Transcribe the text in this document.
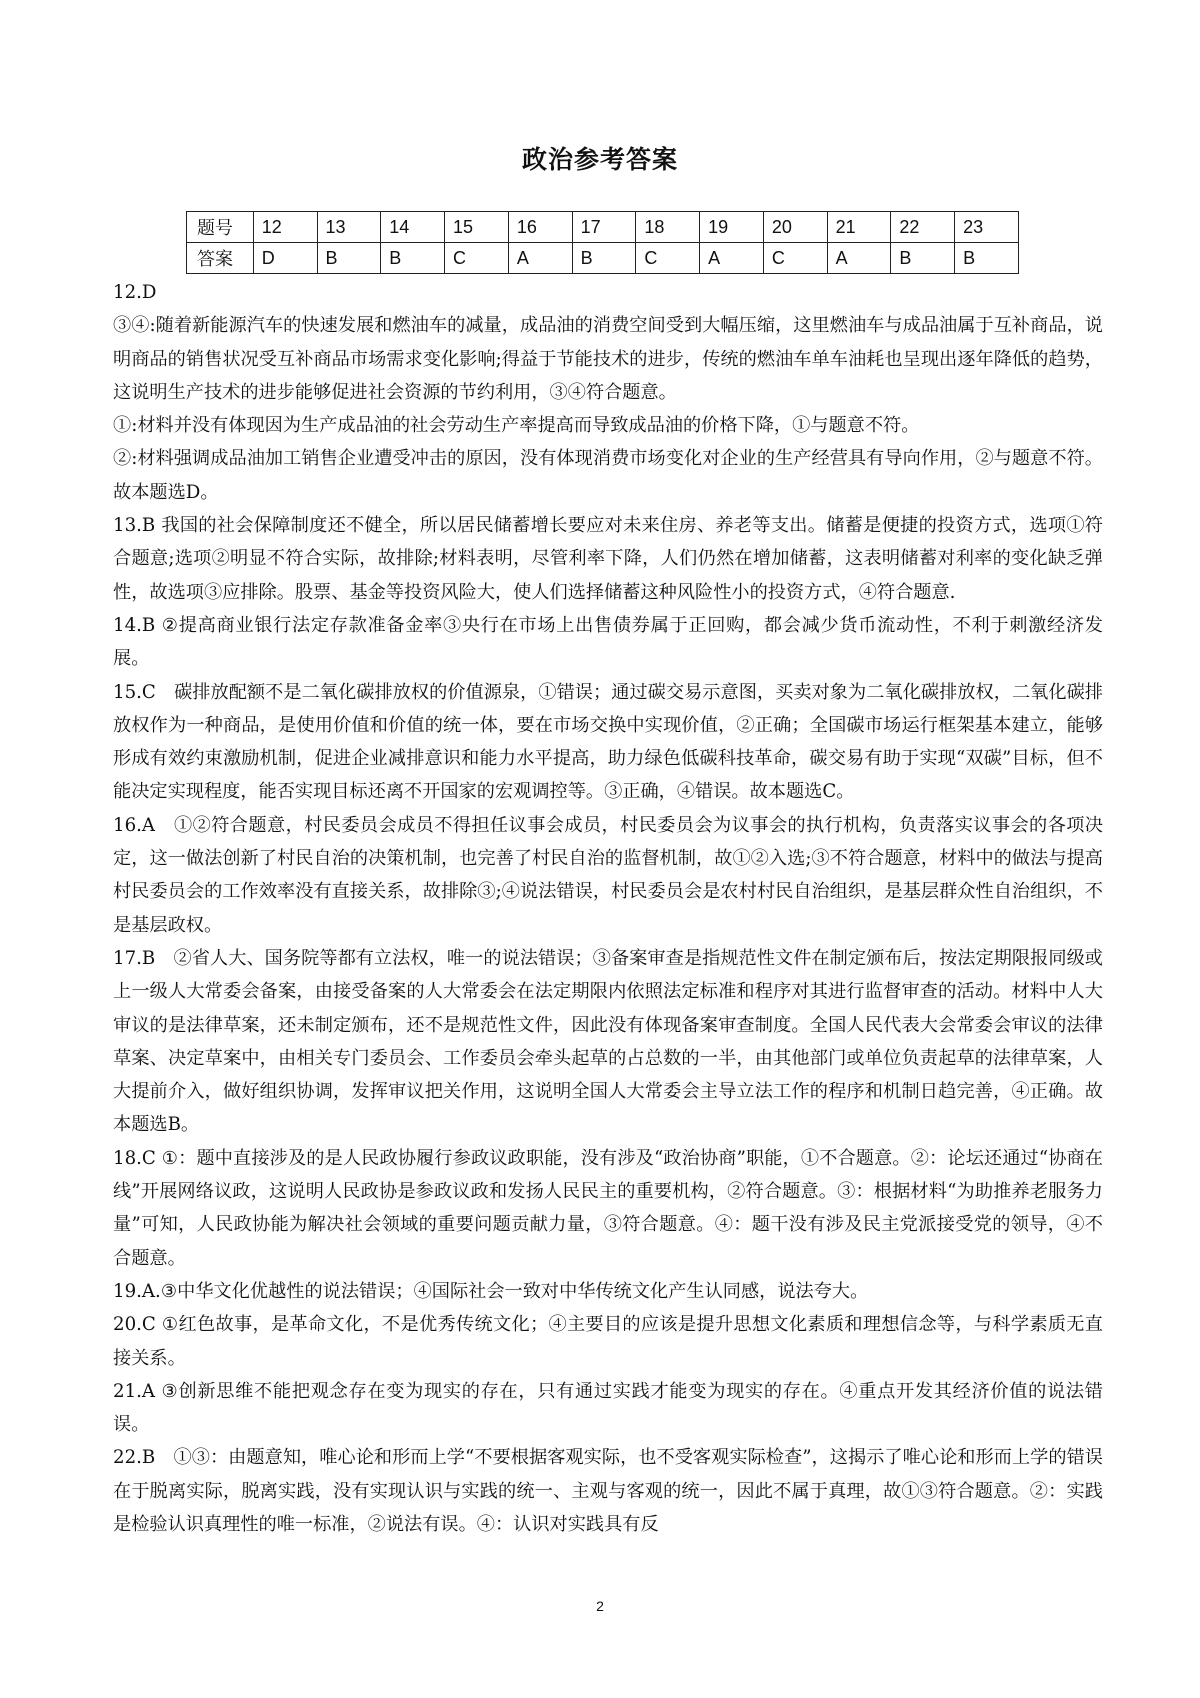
政治参考答案
题号	12	13	14	15	16	17	18	19	20	21	22	23
答案	D	B	B	C	A	B	C	A	C	A	B	B

12.D

③④:随着新能源汽车的快速发展和燃油车的减量，成品油的消费空间受到大幅压缩，这里燃油车与成品油属于互补商品，说明商品的销售状况受互补商品市场需求变化影响;得益于节能技术的进步，传统的燃油车单车油耗也呈现出逐年降低的趋势，这说明生产技术的进步能够促进社会资源的节约利用，③④符合题意。

①:材料并没有体现因为生产成品油的社会劳动生产率提高而导致成品油的价格下降，①与题意不符。

②:材料强调成品油加工销售企业遭受冲击的原因，没有体现消费市场变化对企业的生产经营具有导向作用，②与题意不符。故本题选D。

13.B 我国的社会保障制度还不健全，所以居民储蓄增长要应对未来住房、养老等支出。储蓄是便捷的投资方式，选项①符合题意;选项②明显不符合实际，故排除;材料表明，尽管利率下降，人们仍然在增加储蓄，这表明储蓄对利率的变化缺乏弹性，故选项③应排除。股票、基金等投资风险大，使人们选择储蓄这种风险性小的投资方式，④符合题意.

14.B ②提高商业银行法定存款准备金率③央行在市场上出售债券属于正回购，都会减少货币流动性，不利于刺激经济发展。

15.C　碳排放配额不是二氧化碳排放权的价值源泉，①错误；通过碳交易示意图，买卖对象为二氧化碳排放权，二氧化碳排放权作为一种商品，是使用价值和价值的统一体，要在市场交换中实现价值，②正确；全国碳市场运行框架基本建立，能够形成有效约束激励机制，促进企业减排意识和能力水平提高，助力绿色低碳科技革命，碳交易有助于实现“双碳”目标，但不能决定实现程度，能否实现目标还离不开国家的宏观调控等。③正确，④错误。故本题选C。

16.A　①②符合题意，村民委员会成员不得担任议事会成员，村民委员会为议事会的执行机构，负责落实议事会的各项决定，这一做法创新了村民自治的决策机制，也完善了村民自治的监督机制，故①②入选;③不符合题意，材料中的做法与提高村民委员会的工作效率没有直接关系，故排除③;④说法错误，村民委员会是农村村民自治组织，是基层群众性自治组织，不是基层政权。

17.B　②省人大、国务院等都有立法权，唯一的说法错误；③备案审查是指规范性文件在制定颁布后，按法定期限报同级或上一级人大常委会备案，由接受备案的人大常委会在法定期限内依照法定标准和程序对其进行监督审查的活动。材料中人大审议的是法律草案，还未制定颁布，还不是规范性文件，因此没有体现备案审查制度。全国人民代表大会常委会审议的法律草案、决定草案中，由相关专门委员会、工作委员会牵头起草的占总数的一半，由其他部门或单位负责起草的法律草案，人大提前介入，做好组织协调，发挥审议把关作用，这说明全国人大常委会主导立法工作的程序和机制日趋完善，④正确。故本题选B。

18.C ①：题中直接涉及的是人民政协履行参政议政职能，没有涉及“政治协商”职能，①不合题意。②：论坛还通过“协商在线”开展网络议政，这说明人民政协是参政议政和发扬人民民主的重要机构，②符合题意。③：根据材料“为助推养老服务力量”可知，人民政协能为解决社会领域的重要问题贡献力量，③符合题意。④：题干没有涉及民主党派接受党的领导，④不合题意。

19.A.③中华文化优越性的说法错误；④国际社会一致对中华传统文化产生认同感，说法夸大。

20.C ①红色故事，是革命文化，不是优秀传统文化；④主要目的应该是提升思想文化素质和理想信念等，与科学素质无直接关系。

21.A ③创新思维不能把观念存在变为现实的存在，只有通过实践才能变为现实的存在。④重点开发其经济价值的说法错误。

22.B　①③：由题意知，唯心论和形而上学“不要根据客观实际，也不受客观实际检查”，这揭示了唯心论和形而上学的错误在于脱离实际，脱离实践，没有实现认识与实践的统一、主观与客观的统一，因此不属于真理，故①③符合题意。②：实践是检验认识真理性的唯一标准，②说法有误。④：认识对实践具有反

2
